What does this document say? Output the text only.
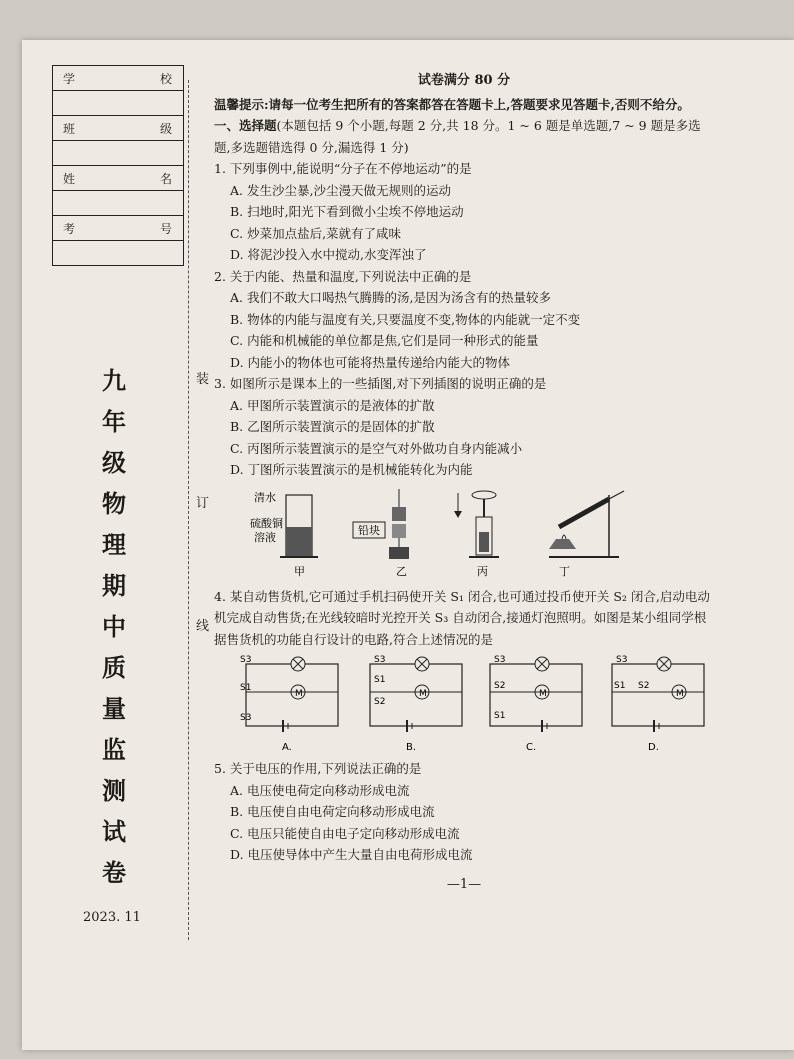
学	校

班	级

姓	名

考	号

九
年
级
物
理
期
中
质
量
监
测
试
卷
2023. 11
装
订
线
试卷满分 80 分

温馨提示:请每一位考生把所有的答案都答在答题卡上,答题要求见答题卡,否则不给分。

一、选择题(本题包括 9 个小题,每题 2 分,共 18 分。1 ~ 6 题是单选题,7 ~ 9 题是多选题,多选题错选得 0 分,漏选得 1 分)

1. 下列事例中,能说明“分子在不停地运动”的是

A. 发生沙尘暴,沙尘漫天做无规则的运动

B. 扫地时,阳光下看到微小尘埃不停地运动

C. 炒菜加点盐后,菜就有了咸味

D. 将泥沙投入水中搅动,水变浑浊了

2. 关于内能、热量和温度,下列说法中正确的是

A. 我们不敢大口喝热气腾腾的汤,是因为汤含有的热量较多

B. 物体的内能与温度有关,只要温度不变,物体的内能就一定不变

C. 内能和机械能的单位都是焦,它们是同一种形式的能量

D. 内能小的物体也可能将热量传递给内能大的物体

3. 如图所示是课本上的一些插图,对下列插图的说明正确的是

A. 甲图所示装置演示的是液体的扩散

B. 乙图所示装置演示的是固体的扩散

C. 丙图所示装置演示的是空气对外做功自身内能减小

D. 丁图所示装置演示的是机械能转化为内能

清水
硫酸铜
溶液
甲
铅块
乙	丙	丁

4. 某自动售货机,它可通过手机扫码使开关 S₁ 闭合,也可通过投币使开关 S₂ 闭合,启动电动机完成自动售货;在光线较暗时光控开关 S₃ 自动闭合,接通灯泡照明。如图是某小组同学根据售货机的功能自行设计的电路,符合上述情况的是

M
S3
S1
S3
A.
M
S3
S1
S2
B.
M
S3
S2
S1
C.
M
S3
S1 S2
D.

5. 关于电压的作用,下列说法正确的是

A. 电压使电荷定向移动形成电流

B. 电压使自由电荷定向移动形成电流

C. 电压只能使自由电子定向移动形成电流

D. 电压使导体中产生大量自由电荷形成电流

—1—
